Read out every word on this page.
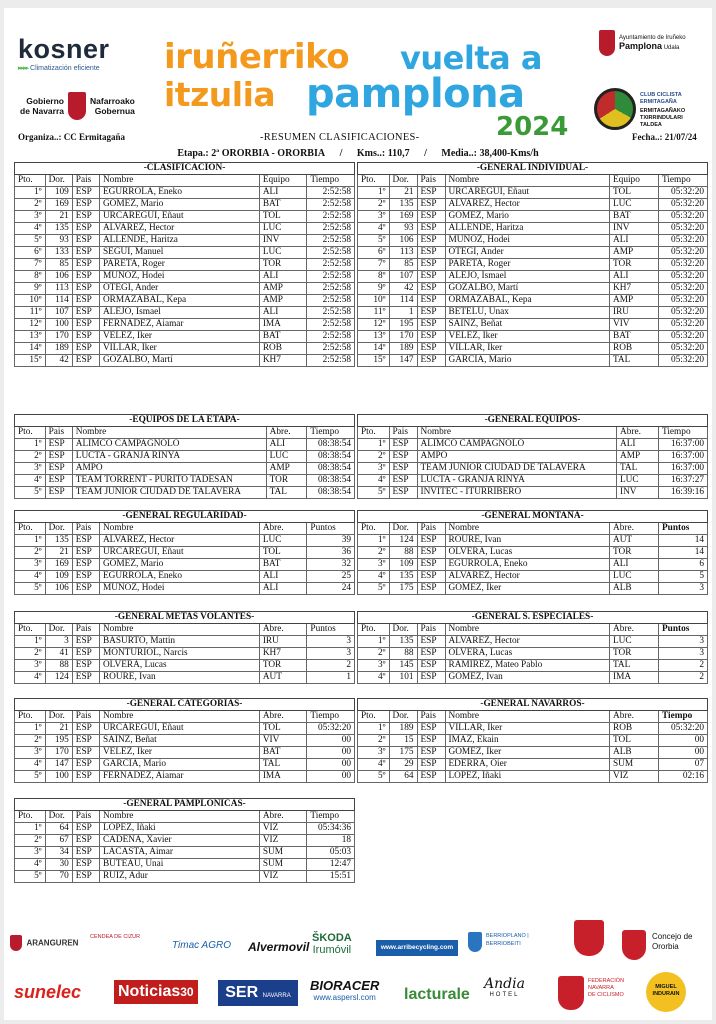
kosner
▸▸▸▸ Climatización eficiente
Gobierno
de Navarra
Nafarroako
Gobernua
iruñerriko vuelta a
itzulia pamplona
2024
Ayuntamiento de Iruñeko
Pamplona Udala
CLUB CICLISTA
ERMITAGAÑA
ERMITAGAÑAKO
TXIRRINDULARI
TALDEA
Organiza..: CC Ermitagaña	-RESUMEN CLASIFICACIONES-	Fecha..: 21/07/24
Etapa.: 2ª ORORBIA - ORORBIA / Kms..: 110,7 / Media..: 38,400-Kms/h
-CLASIFICACION-					
Pto.	Dor.	Pais	Nombre	Equipo	Tiempo
1º	109	ESP	EGURROLA, Eneko	ALI	2:52:58
2º	169	ESP	GOMEZ, Mario	BAT	2:52:58
3º	21	ESP	URCAREGUI, Eñaut	TOL	2:52:58
4º	135	ESP	ALVAREZ, Hector	LUC	2:52:58
5º	93	ESP	ALLENDE, Haritza	INV	2:52:58
6º	133	ESP	SEGUI, Manuel	LUC	2:52:58
7º	85	ESP	PARETA, Roger	TOR	2:52:58
8º	106	ESP	MUÑOZ, Hodei	ALI	2:52:58
9º	113	ESP	OTEGI, Ander	AMP	2:52:58
10º	114	ESP	ORMAZABAL, Kepa	AMP	2:52:58
11º	107	ESP	ALEJO, Ismael	ALI	2:52:58
12º	100	ESP	FERNADEZ, Aiamar	IMA	2:52:58
13º	170	ESP	VELEZ, Iker	BAT	2:52:58
14º	189	ESP	VILLAR, Iker	ROB	2:52:58
15º	42	ESP	GOZALBO, Martí	KH7	2:52:58
-GENERAL INDIVIDUAL-					
Pto.	Dor.	Pais	Nombre	Equipo	Tiempo
1º	21	ESP	URCAREGUI, Eñaut	TOL	05:32:20
2º	135	ESP	ALVAREZ, Hector	LUC	05:32:20
3º	169	ESP	GOMEZ, Mario	BAT	05:32:20
4º	93	ESP	ALLENDE, Haritza	INV	05:32:20
5º	106	ESP	MUÑOZ, Hodei	ALI	05:32:20
6º	113	ESP	OTEGI, Ander	AMP	05:32:20
7º	85	ESP	PARETA, Roger	TOR	05:32:20
8º	107	ESP	ALEJO, Ismael	ALI	05:32:20
9º	42	ESP	GOZALBO, Martí	KH7	05:32:20
10º	114	ESP	ORMAZABAL, Kepa	AMP	05:32:20
11º	1	ESP	BETELU, Unax	IRU	05:32:20
12º	195	ESP	SAINZ, Beñat	VIV	05:32:20
13º	170	ESP	VELEZ, Iker	BAT	05:32:20
14º	189	ESP	VILLAR, Iker	ROB	05:32:20
15º	147	ESP	GARCIA, Mario	TAL	05:32:20
-EQUIPOS DE LA ETAPA-				
Pto.	Pais	Nombre	Abre.	Tiempo
1º	ESP	ALIMCO CAMPAGNOLO	ALI	08:38:54
2º	ESP	LUCTA - GRANJA RINYA	LUC	08:38:54
3º	ESP	AMPO	AMP	08:38:54
4º	ESP	TEAM TORRENT - PURITO TADESAN	TOR	08:38:54
5º	ESP	TEAM JUNIOR CIUDAD DE TALAVERA	TAL	08:38:54
-GENERAL EQUIPOS-				
Pto.	Pais	Nombre	Abre.	Tiempo
1º	ESP	ALIMCO CAMPAGNOLO	ALI	16:37:00
2º	ESP	AMPO	AMP	16:37:00
3º	ESP	TEAM JUNIOR CIUDAD DE TALAVERA	TAL	16:37:00
4º	ESP	LUCTA - GRANJA RINYA	LUC	16:37:27
5º	ESP	INVITEC - ITURRIBERO	INV	16:39:16
-GENERAL REGULARIDAD-					
Pto.	Dor.	Pais	Nombre	Abre.	Puntos
1º	135	ESP	ALVAREZ, Hector	LUC	39
2º	21	ESP	URCAREGUI, Eñaut	TOL	36
3º	169	ESP	GOMEZ, Mario	BAT	32
4º	109	ESP	EGURROLA, Eneko	ALI	25
5º	106	ESP	MUÑOZ, Hodei	ALI	24
-GENERAL MONTAÑA-					
Pto.	Dor.	Pais	Nombre	Abre.	Puntos
1º	124	ESP	ROURE, Ivan	AUT	14
2º	88	ESP	OLVERA, Lucas	TOR	14
3º	109	ESP	EGURROLA, Eneko	ALI	6
4º	135	ESP	ALVAREZ, Hector	LUC	5
5º	175	ESP	GOMEZ, Iker	ALB	3
-GENERAL METAS VOLANTES-					
Pto.	Dor.	Pais	Nombre	Abre.	Puntos
1º	3	ESP	BASURTO, Mattin	IRU	3
2º	41	ESP	MONTURIOL, Narcis	KH7	3
3º	88	ESP	OLVERA, Lucas	TOR	2
4º	124	ESP	ROURE, Ivan	AUT	1
-GENERAL S. ESPECIALES-					
Pto.	Dor.	Pais	Nombre	Abre.	Puntos
1º	135	ESP	ALVAREZ, Hector	LUC	3
2º	88	ESP	OLVERA, Lucas	TOR	3
3º	145	ESP	RAMIREZ, Mateo Pablo	TAL	2
4º	101	ESP	GOMEZ, Ivan	IMA	2
-GENERAL CATEGORIAS-					
Pto.	Dor.	Pais	Nombre	Abre.	Tiempo
1º	21	ESP	URCAREGUI, Eñaut	TOL	05:32:20
2º	195	ESP	SAINZ, Beñat	VIV	00
3º	170	ESP	VELEZ, Iker	BAT	00
4º	147	ESP	GARCIA, Mario	TAL	00
5º	100	ESP	FERNADEZ, Aiamar	IMA	00
-GENERAL NAVARROS-					
Pto.	Dor.	Pais	Nombre	Abre.	Tiempo
1º	189	ESP	VILLAR, Iker	ROB	05:32:20
2º	15	ESP	IMAZ, Ekain	TOL	00
3º	175	ESP	GOMEZ, Iker	ALB	00
4º	29	ESP	EDERRA, Oier	SUM	07
5º	64	ESP	LOPEZ, Iñaki	VIZ	02:16
-GENERAL PAMPLONICAS-					
Pto.	Dor.	Pais	Nombre	Abre.	Tiempo
1º	64	ESP	LOPEZ, Iñaki	VIZ	05:34:36
2º	67	ESP	CADENA, Xavier	VIZ	18
3º	34	ESP	LACASTA, Aimar	SUM	05:03
4º	30	ESP	BUTEAU, Unai	SUM	12:47
5º	70	ESP	RUIZ, Adur	VIZ	15:51
ARANGUREN
CENDEA DE CIZUR
Timac AGRO Alvermovil
ŠKODA
Irumóvil	www.arribecycling.com
BERRIOPLANO | BERRIOBEITI
Concejo de
Ororbia
sunelec Noticias30	SER NAVARRA
BIORACER
www.aspersl.com lacturale
Andia
HOTEL
FEDERACIÓN
NAVARRA
DE CICLISMO
MIGUEL
INDURAIN
